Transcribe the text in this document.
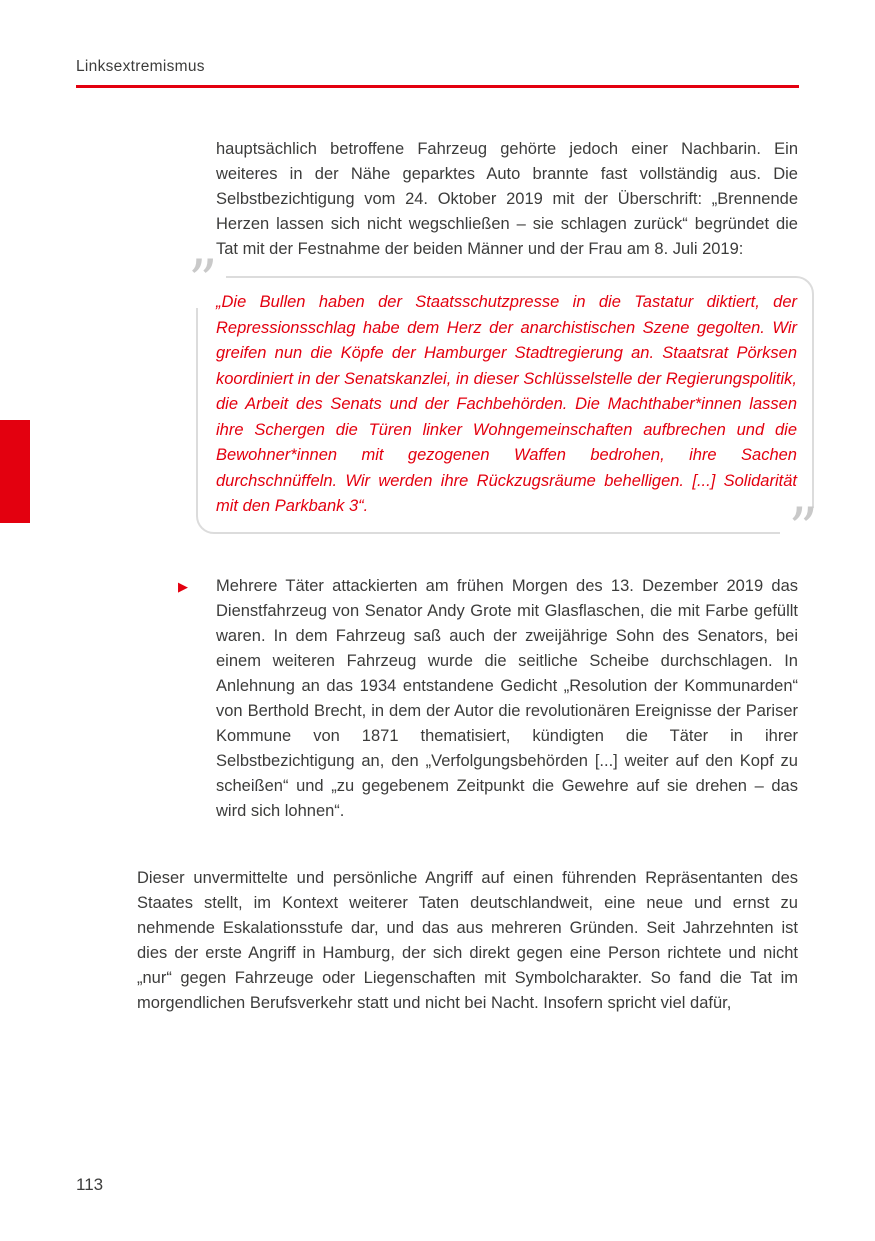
Linksextremismus

hauptsächlich betroffene Fahrzeug gehörte jedoch einer Nachbarin. Ein weiteres in der Nähe geparktes Auto brannte fast vollständig aus. Die Selbstbezichtigung vom 24. Oktober 2019 mit der Überschrift: „Brennende Herzen lassen sich nicht wegschließen – sie schlagen zurück“ begründet die Tat mit der Festnahme der beiden Männer und der Frau am 8. Juli 2019:

”
”

„Die Bullen haben der Staatsschutzpresse in die Tastatur diktiert, der Repressionsschlag habe dem Herz der anarchistischen Szene gegolten. Wir greifen nun die Köpfe der Hamburger Stadtregierung an. Staatsrat Pörksen koordiniert in der Senatskanzlei, in dieser Schlüsselstelle der Regierungspolitik, die Arbeit des Senats und der Fachbehörden. Die Machthaber*innen lassen ihre Schergen die Türen linker Wohngemeinschaften aufbrechen und die Bewohner*innen mit gezogenen Waffen bedrohen, ihre Sachen durchschnüffeln. Wir werden ihre Rückzugsräume behelligen. [...] Solidarität mit den Parkbank 3“.

▶	Mehrere Täter attackierten am frühen Morgen des 13. Dezember 2019 das Dienstfahrzeug von Senator Andy Grote mit Glasflaschen, die mit Farbe gefüllt waren. In dem Fahrzeug saß auch der zweijährige Sohn des Senators, bei einem weiteren Fahrzeug wurde die seitliche Scheibe durchschlagen. In Anlehnung an das 1934 entstandene Gedicht „Resolution der Kommunarden“ von Berthold Brecht, in dem der Autor die revolutionären Ereignisse der Pariser Kommune von 1871 thematisiert, kündigten die Täter in ihrer Selbstbezichtigung an, den „Verfolgungsbehörden [...] weiter auf den Kopf zu scheißen“ und „zu gegebenem Zeitpunkt die Gewehre auf sie drehen – das wird sich lohnen“.

Dieser unvermittelte und persönliche Angriff auf einen führenden Repräsentanten des Staates stellt, im Kontext weiterer Taten deutschlandweit, eine neue und ernst zu nehmende Eskalationsstufe dar, und das aus mehreren Gründen. Seit Jahrzehnten ist dies der erste Angriff in Hamburg, der sich direkt gegen eine Person richtete und nicht „nur“ gegen Fahrzeuge oder Liegenschaften mit Symbolcharakter. So fand die Tat im morgendlichen Berufsverkehr statt und nicht bei Nacht. Insofern spricht viel dafür,

113
